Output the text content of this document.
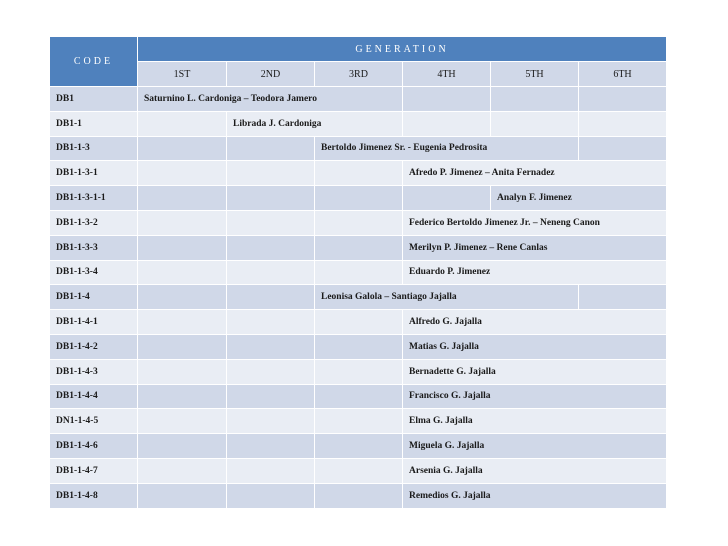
CODE	GENERATION					
	1ST	2ND	3RD	4TH	5TH	6TH
DB1	Saturnino L. Cardoniga – Teodora Jamero					
DB1-1		Librada J. Cardoniga				
DB1-1-3			Bertoldo Jimenez Sr. - Eugenia Pedrosita			
DB1-1-3-1				Afredo P. Jimenez – Anita Fernadez		
DB1-1-3-1-1					Analyn F. Jimenez	
DB1-1-3-2				Federico Bertoldo Jimenez Jr. – Neneng Canon		
DB1-1-3-3				Merilyn P. Jimenez – Rene Canlas		
DB1-1-3-4				Eduardo P. Jimenez		
DB1-1-4			Leonisa Galola – Santiago Jajalla			
DB1-1-4-1				Alfredo G. Jajalla		
DB1-1-4-2				Matias G. Jajalla		
DB1-1-4-3				Bernadette G. Jajalla		
DB1-1-4-4				Francisco G. Jajalla		
DN1-1-4-5				Elma G. Jajalla		
DB1-1-4-6				Miguela G. Jajalla		
DB1-1-4-7				Arsenia G. Jajalla		
DB1-1-4-8				Remedios G. Jajalla		
